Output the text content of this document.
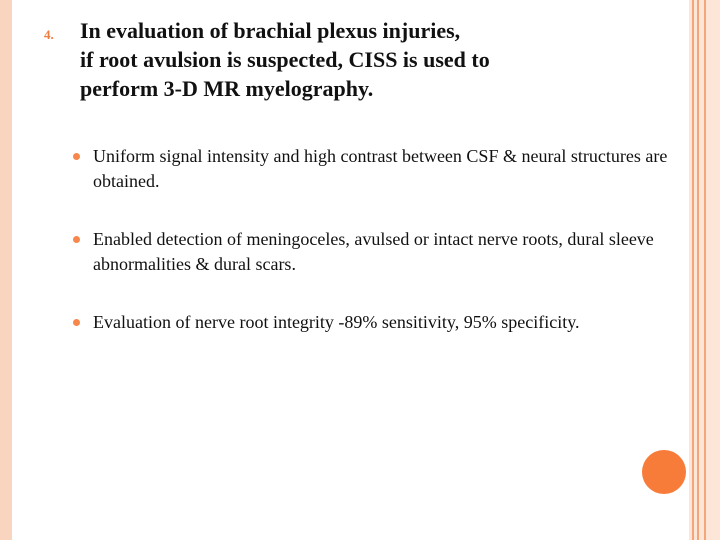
4. In evaluation of brachial plexus injuries,
if root avulsion is suspected, CISS is used to
perform 3-D MR myelography.
Uniform signal intensity and high contrast between CSF & neural structures are obtained.
Enabled detection of meningoceles, avulsed or intact nerve roots, dural sleeve abnormalities & dural scars.
Evaluation of nerve root integrity -89% sensitivity, 95% specificity.
